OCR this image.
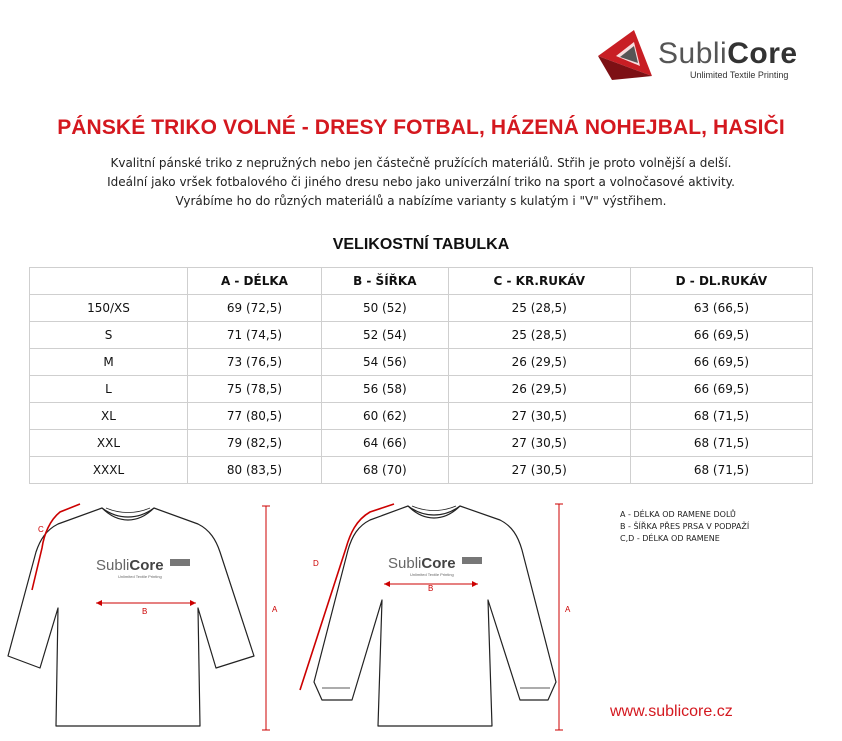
SubliCore
Unlimited Textile Printing
PÁNSKÉ TRIKO VOLNÉ - DRESY FOTBAL, HÁZENÁ NOHEJBAL, HASIČI
Kvalitní pánské triko z nepružných nebo jen částečně pružících materiálů. Střih je proto volnější a delší.
Ideální jako vršek fotbalového či jiného dresu nebo jako univerzální triko na sport a volnočasové aktivity.
Vyrábíme ho do různých materiálů a nabízíme varianty s kulatým i "V" výstřihem.
VELIKOSTNÍ TABULKA
	A - DÉLKA	B - ŠÍŘKA	C - KR.RUKÁV	D - DL.RUKÁV
150/XS	69 (72,5)	50 (52)	25 (28,5)	63 (66,5)
S	71 (74,5)	52 (54)	25 (28,5)	66 (69,5)
M	73 (76,5)	54 (56)	26 (29,5)	66 (69,5)
L	75 (78,5)	56 (58)	26 (29,5)	66 (69,5)
XL	77 (80,5)	60 (62)	27 (30,5)	68 (71,5)
XXL	79 (82,5)	64 (66)	27 (30,5)	68 (71,5)
XXXL	80 (83,5)	68 (70)	27 (30,5)	68 (71,5)
SubliCore
Unlimited Textile Printing
C
B	A
SubliCore
Unlimited Textile Printing
D
B
A
A - DÉLKA OD RAMENE DOLŮ
B - ŠÍŘKA PŘES PRSA V PODPAŽÍ
C,D - DÉLKA OD RAMENE
www.sublicore.cz
